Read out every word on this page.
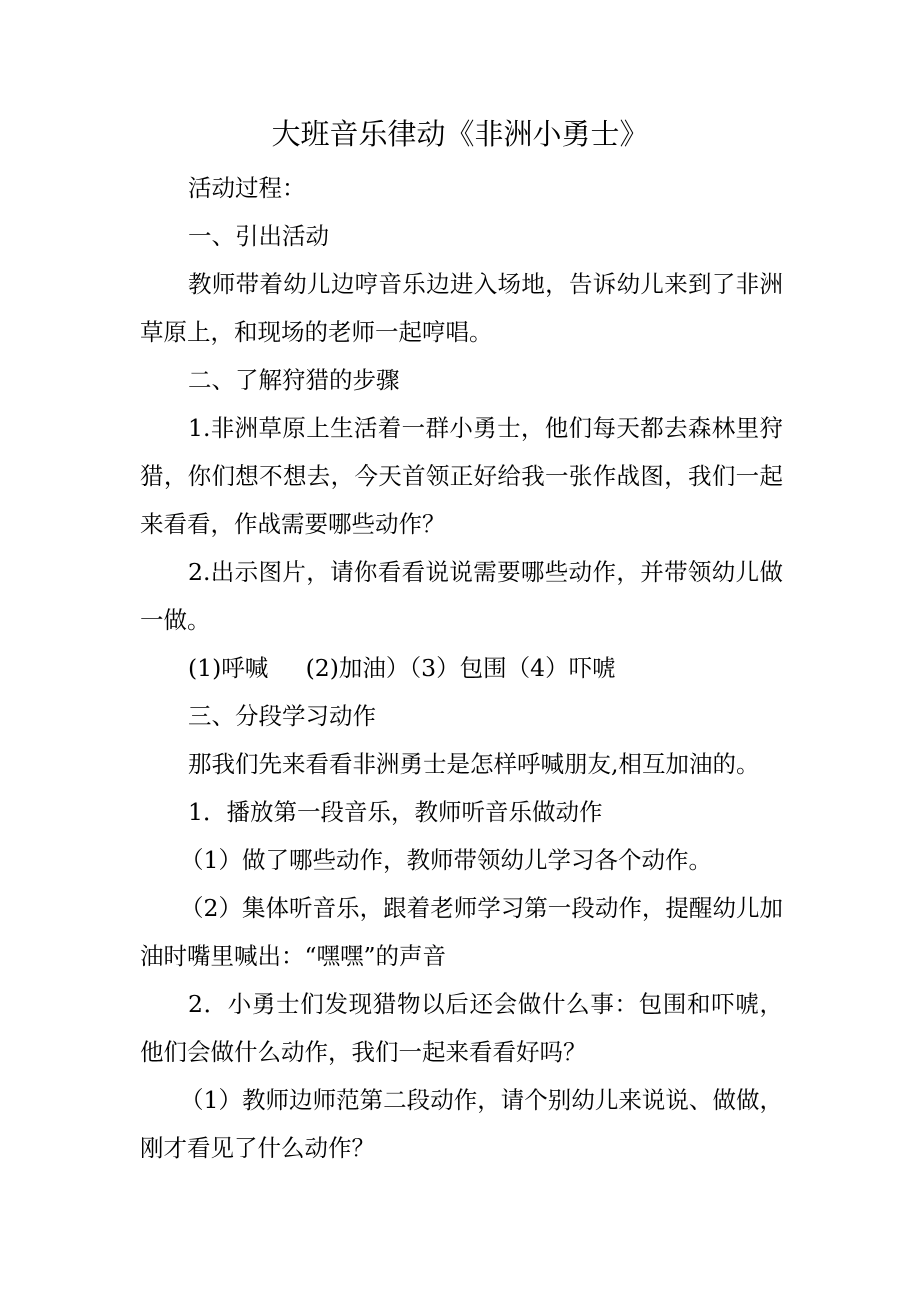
大班音乐律动《非洲小勇士》

活动过程：

一、引出活动

教师带着幼儿边哼音乐边进入场地，告诉幼儿来到了非洲草原上，和现场的老师一起哼唱。

二、了解狩猎的步骤

1.非洲草原上生活着一群小勇士，他们每天都去森林里狩猎，你们想不想去，今天首领正好给我一张作战图，我们一起来看看，作战需要哪些动作？

2.出示图片，请你看看说说需要哪些动作，并带领幼儿做一做。

(1)呼喊     (2)加油）（3）包围（4）吓唬

三、分段学习动作

那我们先来看看非洲勇士是怎样呼喊朋友,相互加油的。

1．播放第一段音乐，教师听音乐做动作

（1）做了哪些动作，教师带领幼儿学习各个动作。

（2）集体听音乐，跟着老师学习第一段动作，提醒幼儿加油时嘴里喊出：“嘿嘿”的声音

2．小勇士们发现猎物以后还会做什么事：包围和吓唬，他们会做什么动作，我们一起来看看好吗？

（1）教师边师范第二段动作，请个别幼儿来说说、做做，刚才看见了什么动作？
